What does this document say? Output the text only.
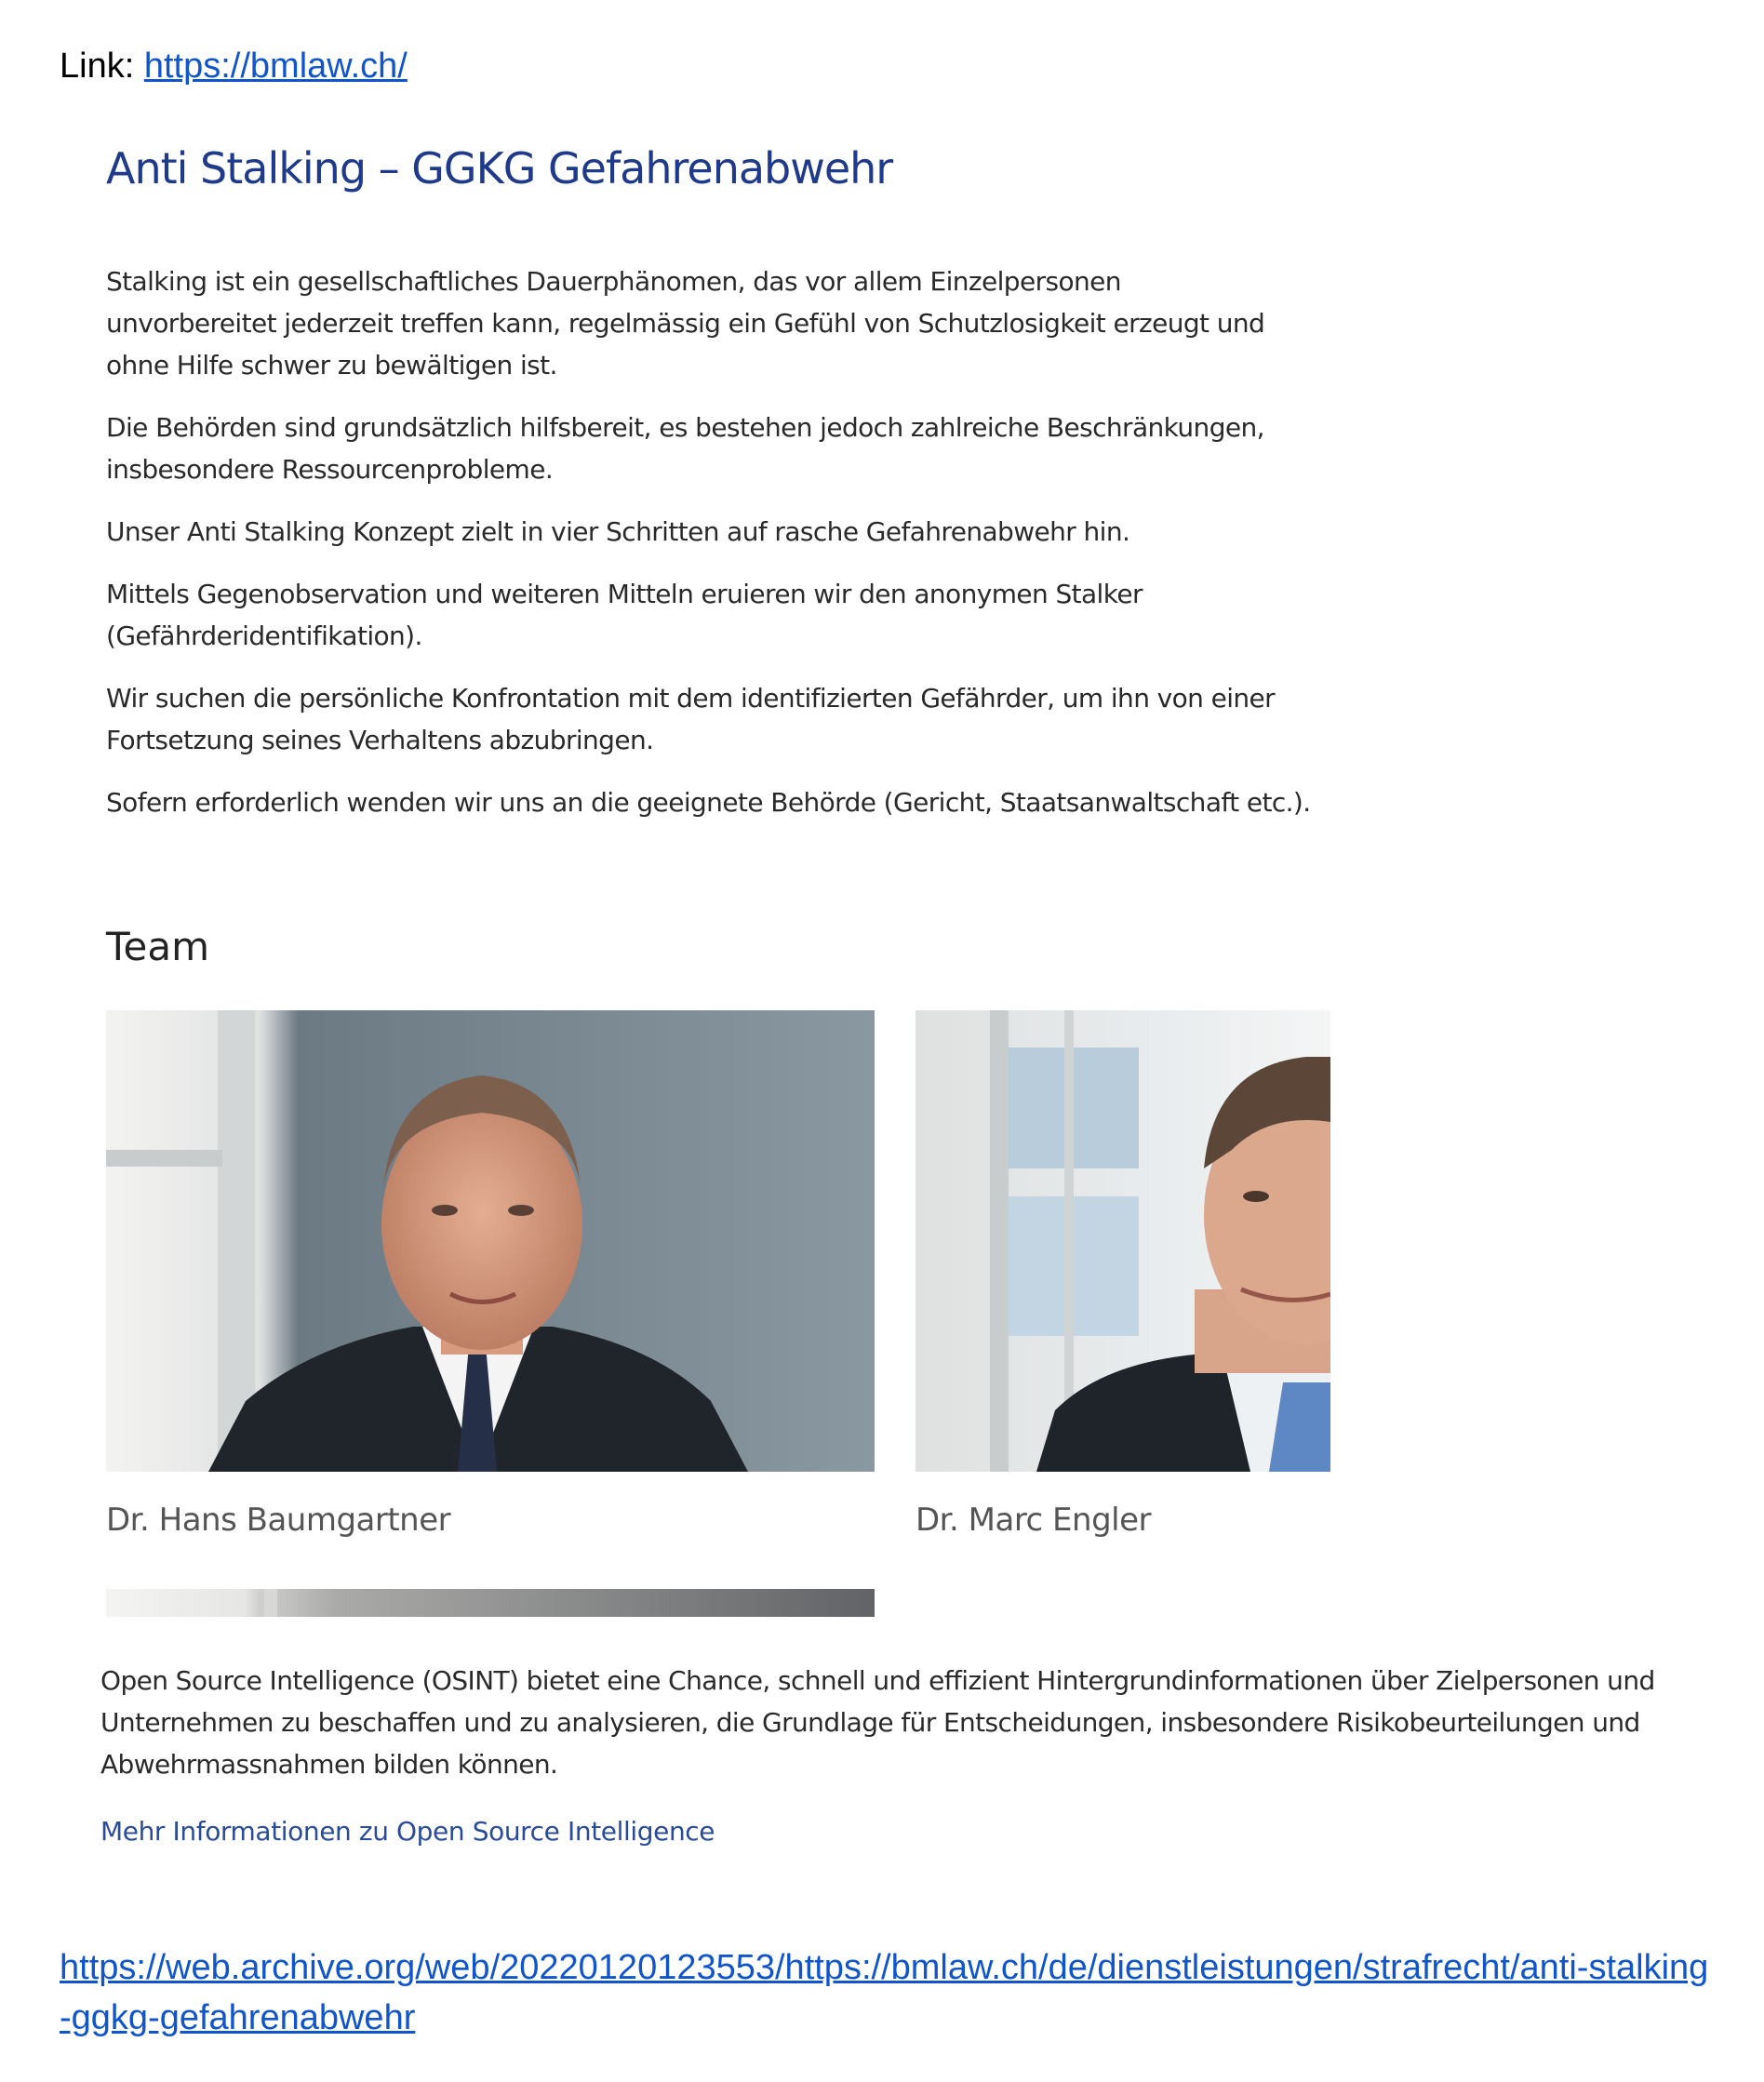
Link: https://bmlaw.ch/
Anti Stalking – GGKG Gefahrenabwehr

Stalking ist ein gesellschaftliches Dauerphänomen, das vor allem Einzelpersonen unvorbereitet jederzeit treffen kann, regelmässig ein Gefühl von Schutzlosigkeit erzeugt und ohne Hilfe schwer zu bewältigen ist.

Die Behörden sind grundsätzlich hilfsbereit, es bestehen jedoch zahlreiche Beschränkungen, insbesondere Ressourcenprobleme.

Unser Anti Stalking Konzept zielt in vier Schritten auf rasche Gefahrenabwehr hin.

Mittels Gegenobservation und weiteren Mitteln eruieren wir den anonymen Stalker (Gefährderidentifikation).

Wir suchen die persönliche Konfrontation mit dem identifizierten Gefährder, um ihn von einer Fortsetzung seines Verhaltens abzubringen.

Sofern erforderlich wenden wir uns an die geeignete Behörde (Gericht, Staatsanwaltschaft etc.).

Team
Dr. Hans Baumgartner	Dr. Marc Engler

Open Source Intelligence (OSINT) bietet eine Chance, schnell und effizient Hintergrundinformationen über Zielpersonen und Unternehmen zu beschaffen und zu analysieren, die Grundlage für Entscheidungen, insbesondere Risikobeurteilungen und Abwehrmassnahmen bilden können.

Mehr Informationen zu Open Source Intelligence
https://web.archive.org/web/20220120123553/https://bmlaw.ch/de/dienstleistungen/strafrecht/anti-stalking-ggkg-gefahrenabwehr
